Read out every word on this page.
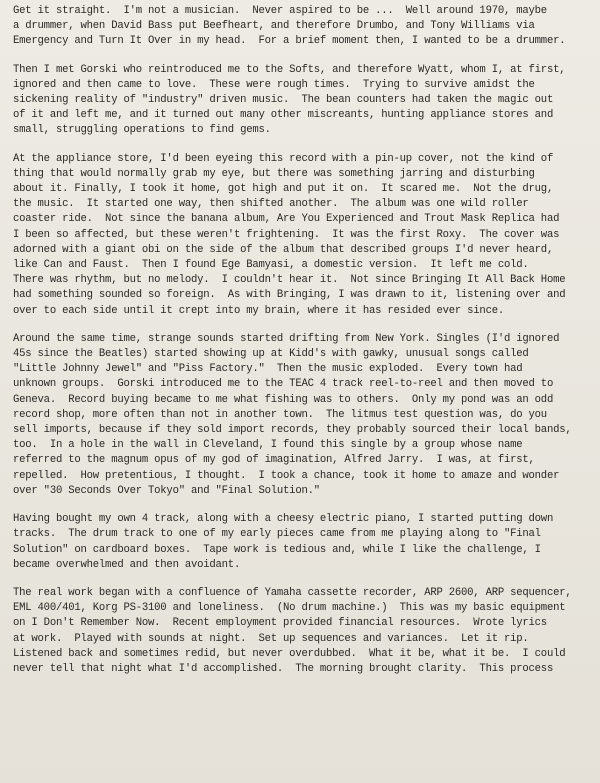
Get it straight.  I'm not a musician.  Never aspired to be ...  Well around 1970, maybe
a drummer, when David Bass put Beefheart, and therefore Drumbo, and Tony Williams via
Emergency and Turn It Over in my head.  For a brief moment then, I wanted to be a drummer.
Then I met Gorski who reintroduced me to the Softs, and therefore Wyatt, whom I, at first,
ignored and then came to love.  These were rough times.  Trying to survive amidst the
sickening reality of "industry" driven music.  The bean counters had taken the magic out
of it and left me, and it turned out many other miscreants, hunting appliance stores and
small, struggling operations to find gems.
At the appliance store, I'd been eyeing this record with a pin-up cover, not the kind of
thing that would normally grab my eye, but there was something jarring and disturbing
about it. Finally, I took it home, got high and put it on.  It scared me.  Not the drug,
the music.  It started one way, then shifted another.  The album was one wild roller
coaster ride.  Not since the banana album, Are You Experienced and Trout Mask Replica had
I been so affected, but these weren't frightening.  It was the first Roxy.  The cover was
adorned with a giant obi on the side of the album that described groups I'd never heard,
like Can and Faust.  Then I found Ege Bamyasi, a domestic version.  It left me cold.
There was rhythm, but no melody.  I couldn't hear it.  Not since Bringing It All Back Home
had something sounded so foreign.  As with Bringing, I was drawn to it, listening over and
over to each side until it crept into my brain, where it has resided ever since.
Around the same time, strange sounds started drifting from New York. Singles (I'd ignored
45s since the Beatles) started showing up at Kidd's with gawky, unusual songs called
"Little Johnny Jewel" and "Piss Factory."  Then the music exploded.  Every town had
unknown groups.  Gorski introduced me to the TEAC 4 track reel-to-reel and then moved to
Geneva.  Record buying became to me what fishing was to others.  Only my pond was an odd
record shop, more often than not in another town.  The litmus test question was, do you
sell imports, because if they sold import records, they probably sourced their local bands,
too.  In a hole in the wall in Cleveland, I found this single by a group whose name
referred to the magnum opus of my god of imagination, Alfred Jarry.  I was, at first,
repelled.  How pretentious, I thought.  I took a chance, took it home to amaze and wonder
over "30 Seconds Over Tokyo" and "Final Solution."
Having bought my own 4 track, along with a cheesy electric piano, I started putting down
tracks.  The drum track to one of my early pieces came from me playing along to "Final
Solution" on cardboard boxes.  Tape work is tedious and, while I like the challenge, I
became overwhelmed and then avoidant.
The real work began with a confluence of Yamaha cassette recorder, ARP 2600, ARP sequencer,
EML 400/401, Korg PS-3100 and loneliness.  (No drum machine.)  This was my basic equipment
on I Don't Remember Now.  Recent employment provided financial resources.  Wrote lyrics
at work.  Played with sounds at night.  Set up sequences and variances.  Let it rip.
Listened back and sometimes redid, but never overdubbed.  What it be, what it be.  I could
never tell that night what I'd accomplished.  The morning brought clarity.  This process
